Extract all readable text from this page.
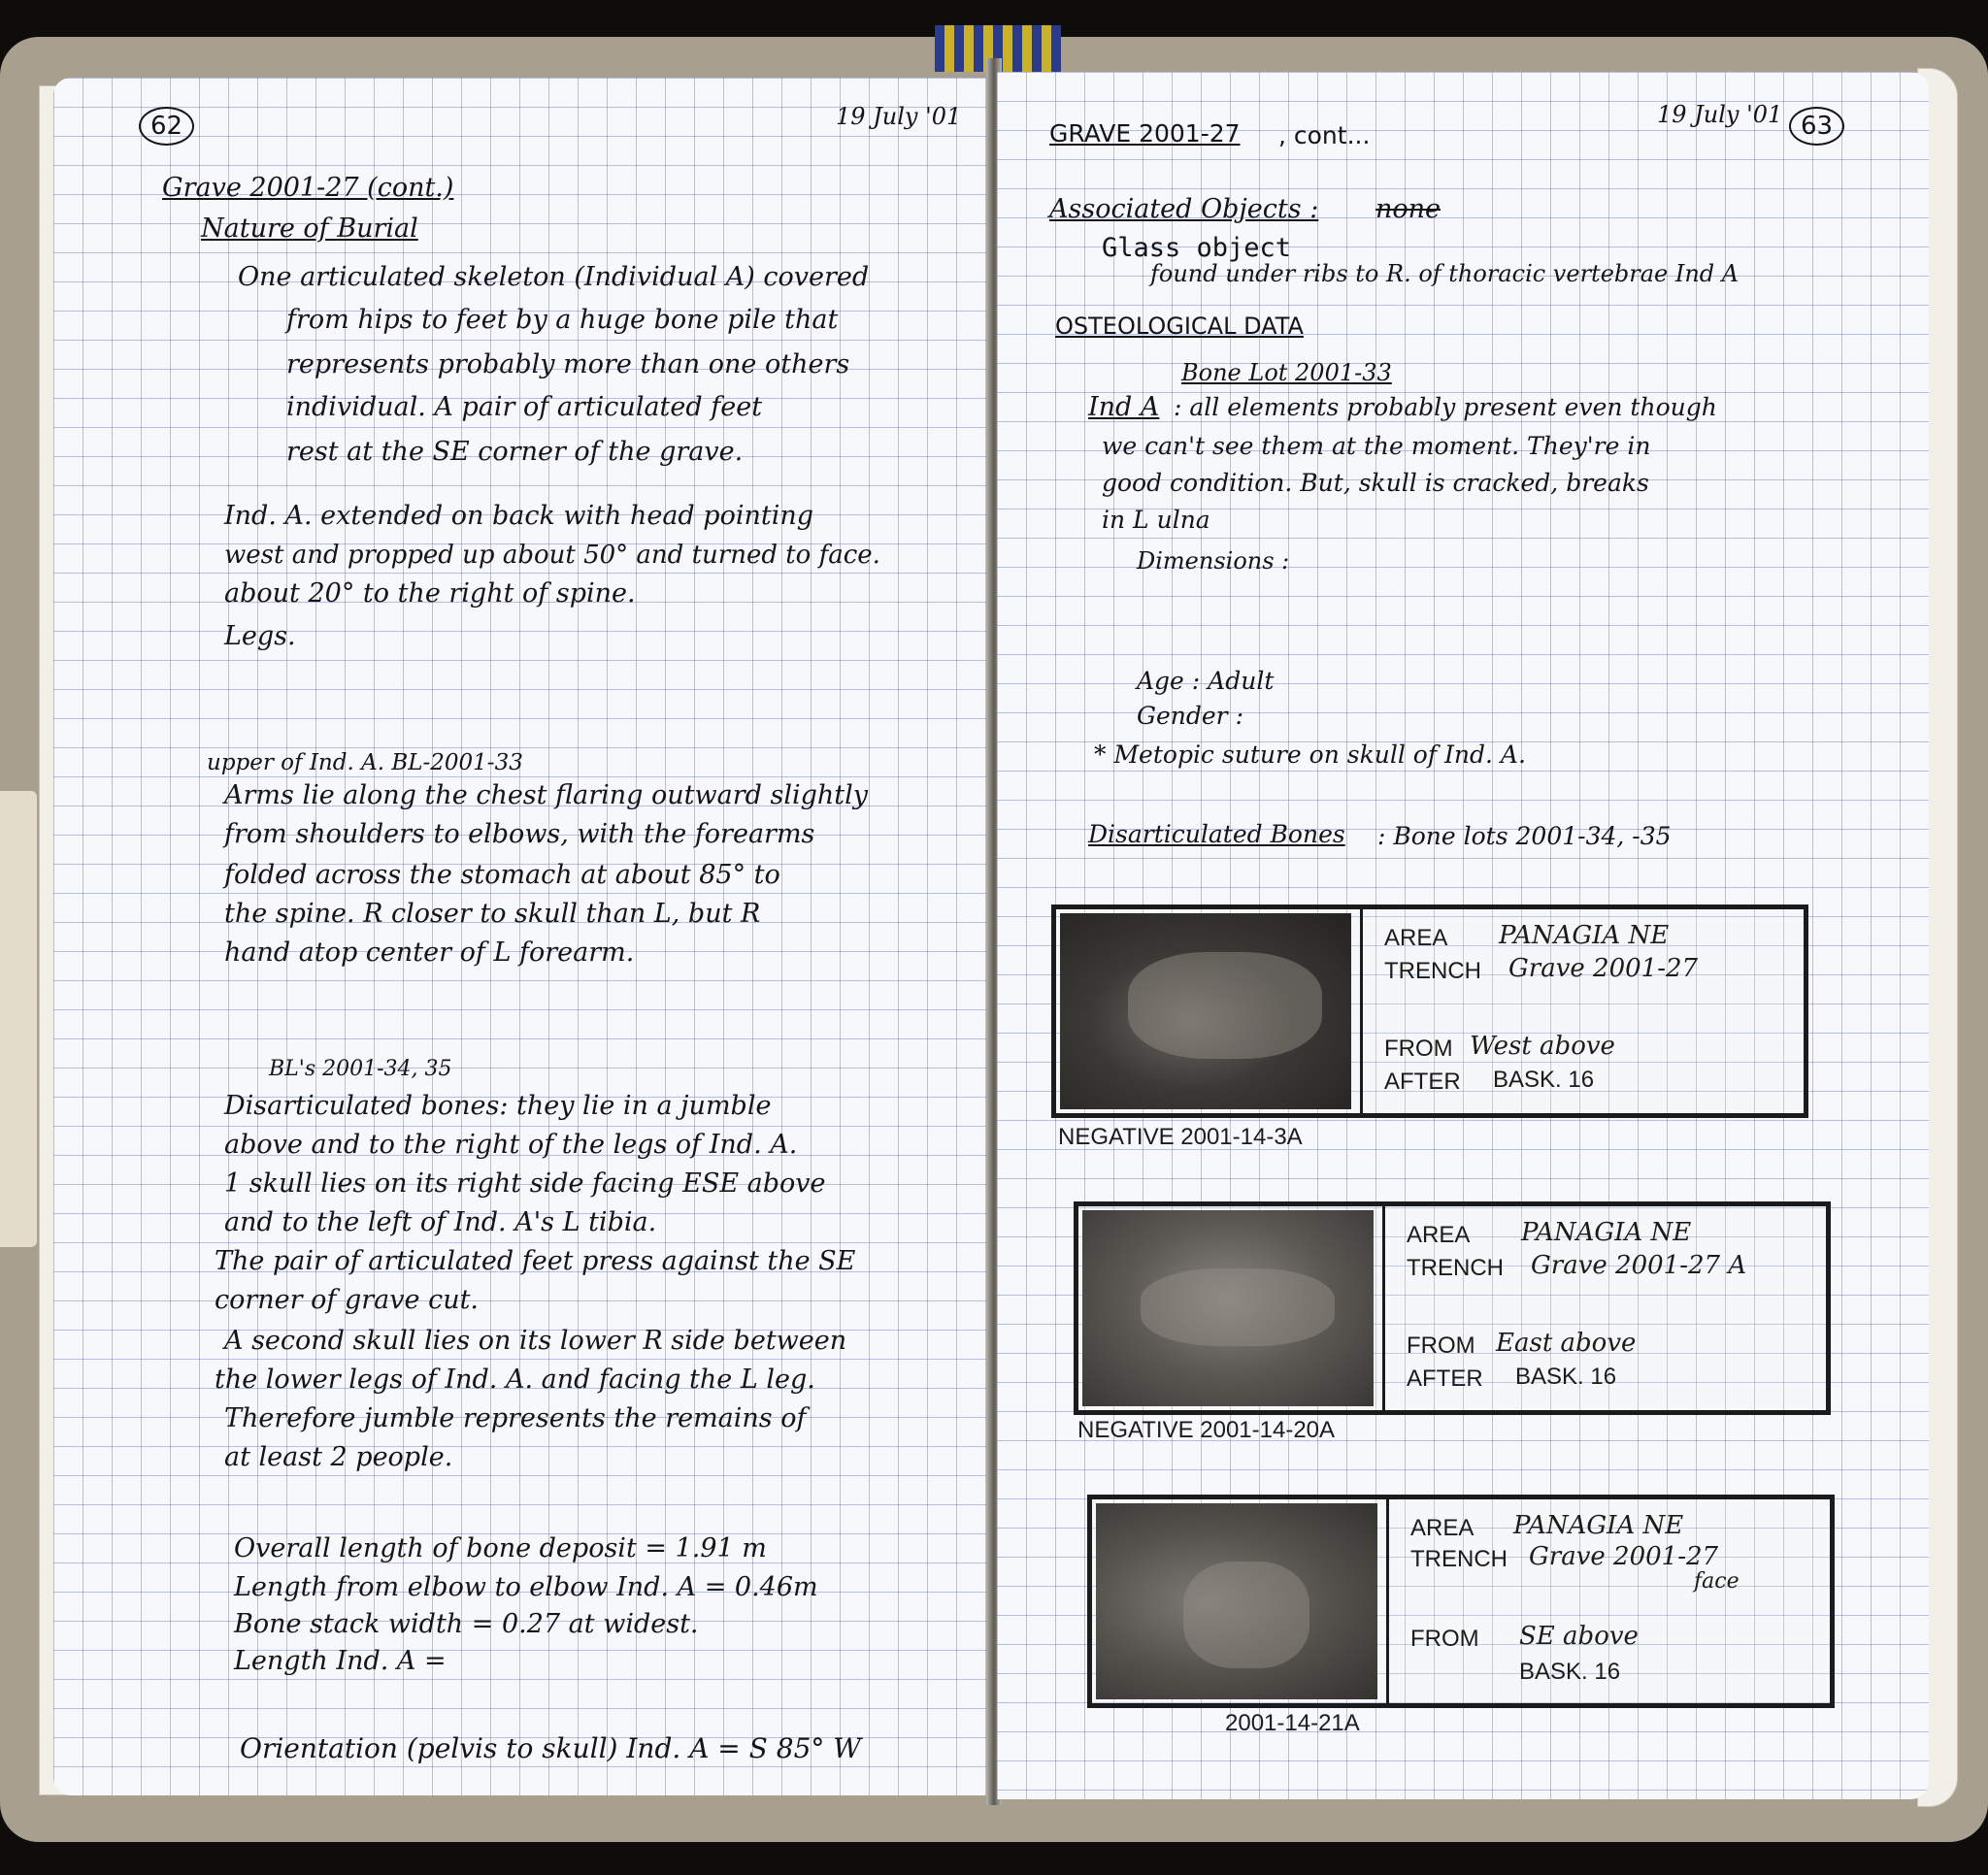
62	19 July '01
Grave 2001-27 (cont.)
Nature of Burial
One articulated skeleton (Individual A) covered
from hips to feet by a huge bone pile that
represents probably more than one others
individual. A pair of articulated feet
rest at the SE corner of the grave.
Ind. A. extended on back with head pointing
west and propped up about 50° and turned to face.
about 20° to the right of spine.
Legs.
upper of Ind. A. BL-2001-33
Arms lie along the chest flaring outward slightly
from shoulders to elbows, with the forearms
folded across the stomach at about 85° to
the spine. R closer to skull than L, but R
hand atop center of L forearm.
BL's 2001-34, 35
Disarticulated bones: they lie in a jumble
above and to the right of the legs of Ind. A.
1 skull lies on its right side facing ESE above
and to the left of Ind. A's L tibia.
The pair of articulated feet press against the SE
corner of grave cut.
A second skull lies on its lower R side between
the lower legs of Ind. A. and facing the L leg.
Therefore jumble represents the remains of
at least 2 people.
Overall length of bone deposit = 1.91 m
Length from elbow to elbow Ind. A = 0.46m
Bone stack width = 0.27 at widest.
Length Ind. A =
Orientation (pelvis to skull) Ind. A = S 85° W
19 July '01 63
GRAVE 2001-27 , cont...
Associated Objects : none
Glass object
found under ribs to R. of thoracic vertebrae Ind A
OSTEOLOGICAL DATA
Bone Lot 2001-33
Ind A : all elements probably present even though
we can't see them at the moment. They're in
good condition. But, skull is cracked, breaks
in L ulna
Dimensions :
Age : Adult
Gender :
* Metopic suture on skull of Ind. A.
Disarticulated Bones : Bone lots 2001-34, -35
AREA PANAGIA NE
TRENCH Grave 2001-27
FROM West above
AFTER BASK. 16
NEGATIVE 2001-14-3A
AREA PANAGIA NE
TRENCH Grave 2001-27 A
FROM East above
AFTER BASK. 16
NEGATIVE 2001-14-20A
AREA PANAGIA NE
TRENCH Grave 2001-27
face
FROM SE above
BASK. 16
2001-14-21A
